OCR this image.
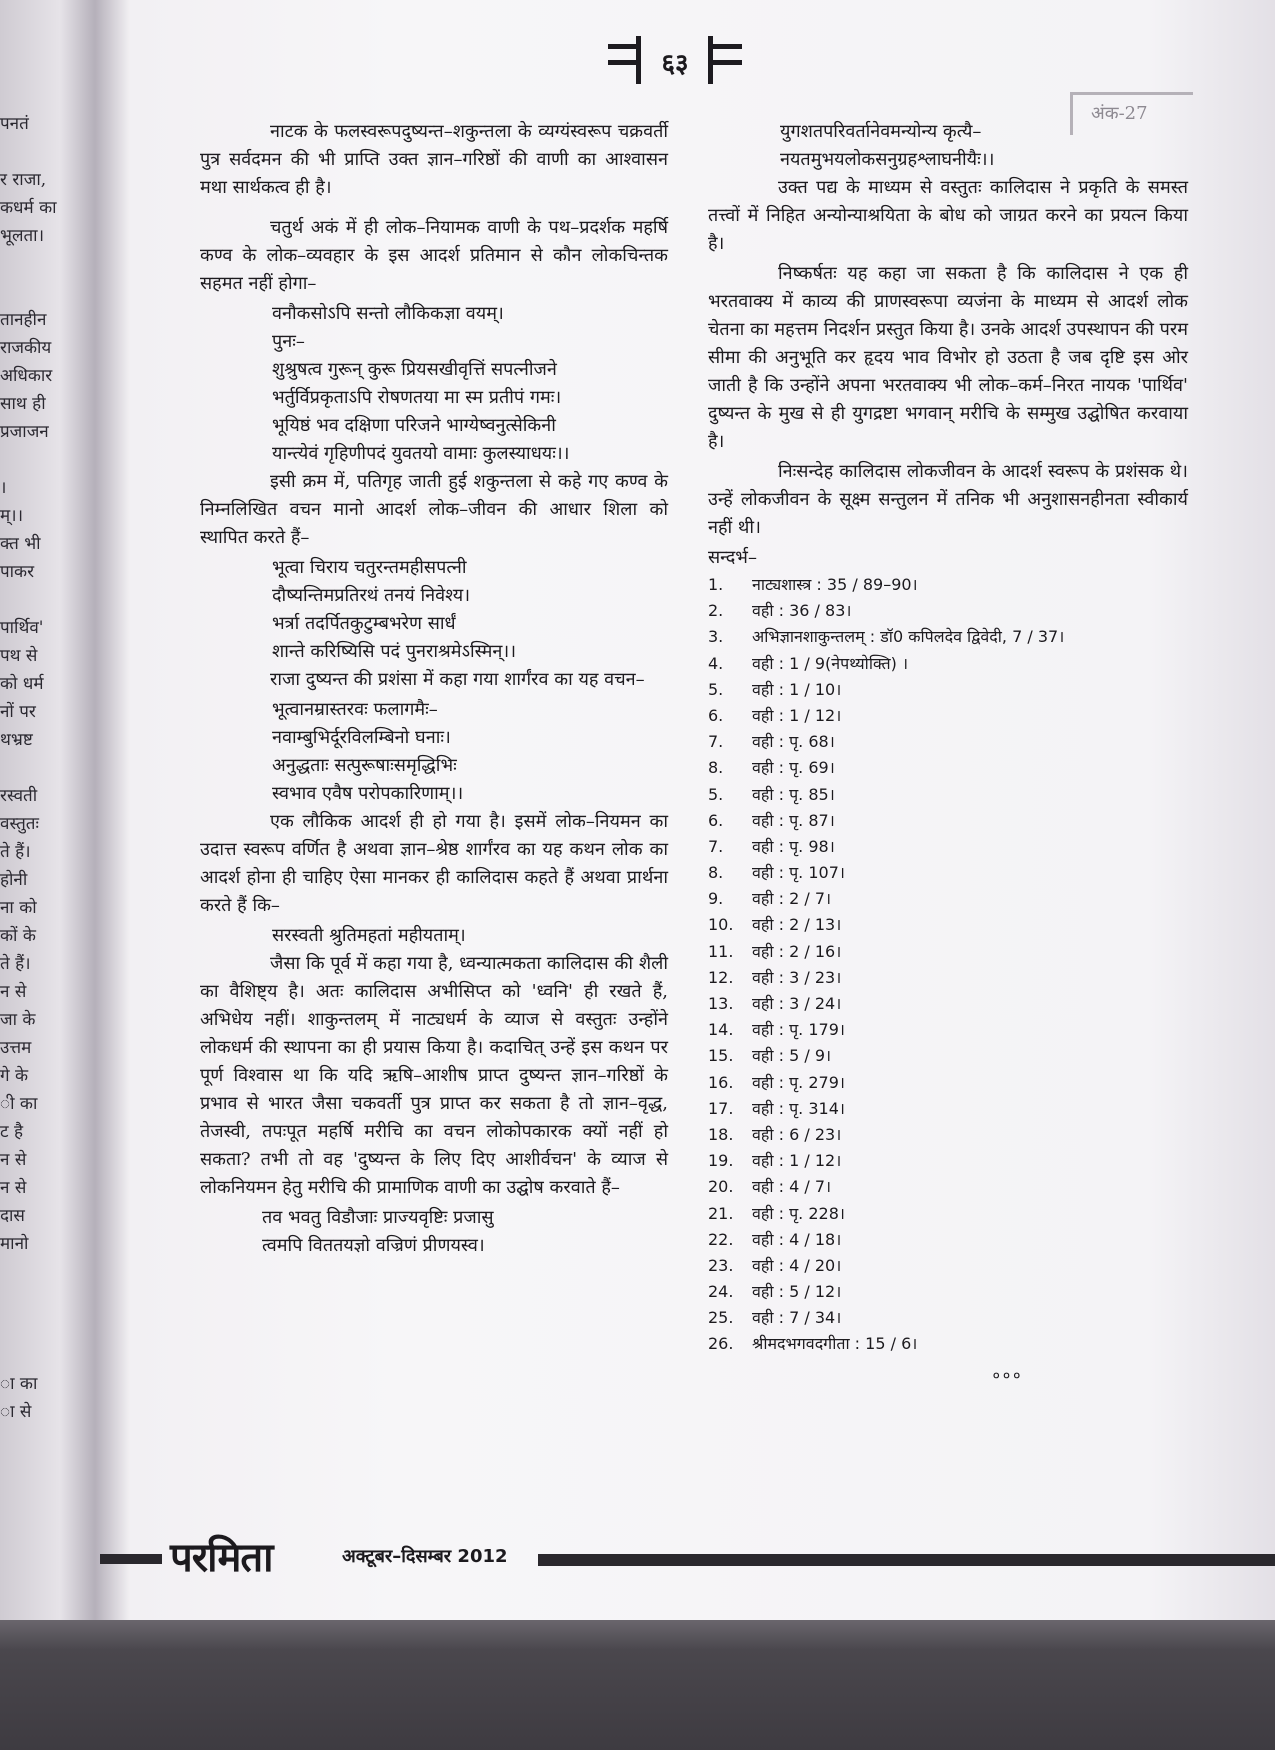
पनतं
र राजा,
कधर्म का
भूलता।
तानहीन
राजकीय
अधिकार
साथ ही
प्रजाजन
।
म्।।
क्त भी
पाकर
पार्थिव'
पथ से
को धर्म
नों पर
थभ्रष्ट
रस्वती
वस्तुतः
ते हैं।
होनी
ना को
कों के
ते हैं।
न से
जा के
उत्तम
गे के
ी का
ट है
न से
न से
दास
मानो
ा का
ा से
अंक-27
६३

नाटक के फलस्वरूपदुष्यन्त–शकुन्तला के व्यग्यंस्वरूप चक्रवर्ती पुत्र सर्वदमन की भी प्राप्ति उक्त ज्ञान–गरिष्ठों की वाणी का आश्वासन मथा सार्थकत्व ही है।

चतुर्थ अकं में ही लोक–नियामक वाणी के पथ–प्रदर्शक महर्षि कण्व के लोक–व्यवहार के इस आदर्श प्रतिमान से कौन लोकचिन्तक सहमत नहीं होगा–

वनौकसोऽपि सन्तो लौकिकज्ञा वयम्।
पुनः–
शुश्रुषत्व गुरून् कुरू प्रियसखीवृत्तिं सपत्नीजने
भर्तुर्विप्रकृताऽपि रोषणतया मा स्म प्रतीपं गमः।
भूयिष्ठं भव दक्षिणा परिजने भाग्येष्वनुत्सेकिनी
यान्त्येवं गृहिणीपदं युवतयो वामाः कुलस्याधयः।।

इसी क्रम में, पतिगृह जाती हुई शकुन्तला से कहे गए कण्व के निम्नलिखित वचन मानो आदर्श लोक–जीवन की आधार शिला को स्थापित करते हैं–

भूत्वा चिराय चतुरन्तमहीसपत्नी
दौष्यन्तिमप्रतिरथं तनयं निवेश्य।
भर्त्रा तदर्पितकुटुम्बभरेण सार्धं
शान्ते करिष्यिसि पदं पुनराश्रमेऽस्मिन्।।

राजा दुष्यन्त की प्रशंसा में कहा गया शार्गंरव का यह वचन–

भूत्वानम्रास्तरवः फलागमैः–
नवाम्बुभिर्दूरविलम्बिनो घनाः।
अनुद्धताः सत्पुरूषाःसमृद्धिभिः
स्वभाव एवैष परोपकारिणाम्।।

एक लौकिक आदर्श ही हो गया है। इसमें लोक–नियमन का उदात्त स्वरूप वर्णित है अथवा ज्ञान–श्रेष्ठ शार्गंरव का यह कथन लोक का आदर्श होना ही चाहिए ऐसा मानकर ही कालिदास कहते हैं अथवा प्रार्थना करते हैं कि–

सरस्वती श्रुतिमहतां महीयताम्।

जैसा कि पूर्व में कहा गया है, ध्वन्यात्मकता कालिदास की शैली का वैशिष्ट्य है। अतः कालिदास अभीसिप्त को 'ध्वनि' ही रखते हैं, अभिधेय नहीं। शाकुन्तलम् में नाट्यधर्म के व्याज से वस्तुतः उन्होंने लोकधर्म की स्थापना का ही प्रयास किया है। कदाचित् उन्हें इस कथन पर पूर्ण विश्वास था कि यदि ऋषि–आशीष प्राप्त दुष्यन्त ज्ञान–गरिष्ठों के प्रभाव से भारत जैसा चकवर्ती पुत्र प्राप्त कर सकता है तो ज्ञान–वृद्ध, तेजस्वी, तपःपूत महर्षि मरीचि का वचन लोकोपकारक क्यों नहीं हो सकता? तभी तो वह 'दुष्यन्त के लिए दिए आशीर्वचन' के व्याज से लोकनियमन हेतु मरीचि की प्रामाणिक वाणी का उद्घोष करवाते हैं–

तव भवतु विडौजाः प्राज्यवृष्टिः प्रजासु
त्वमपि विततयज्ञो वज्रिणं प्रीणयस्व।
युगशतपरिवर्तानेवमन्योन्य कृत्यै–
नयतमुभयलोकसनुग्रहश्लाघनीयैः।।

उक्त पद्य के माध्यम से वस्तुतः कालिदास ने प्रकृति के समस्त तत्त्वों में निहित अन्योन्याश्रयिता के बोध को जाग्रत करने का प्रयत्न किया है।

निष्कर्षतः यह कहा जा सकता है कि कालिदास ने एक ही भरतवाक्य में काव्य की प्राणस्वरूपा व्यजंना के माध्यम से आदर्श लोक चेतना का महत्तम निदर्शन प्रस्तुत किया है। उनके आदर्श उपस्थापन की परम सीमा की अनुभूति कर हृदय भाव विभोर हो उठता है जब दृष्टि इस ओर जाती है कि उन्होंने अपना भरतवाक्य भी लोक–कर्म–निरत नायक 'पार्थिव' दुष्यन्त के मुख से ही युगद्रष्टा भगवान् मरीचि के सम्मुख उद्घोषित करवाया है।

निःसन्देह कालिदास लोकजीवन के आदर्श स्वरूप के प्रशंसक थे। उन्हें लोकजीवन के सूक्ष्म सन्तुलन में तनिक भी अनुशासनहीनता स्वीकार्य नहीं थी।

सन्दर्भ–
1.	नाट्यशास्त्र : 35 / 89–90।
2.	वही : 36 / 83।
3.	अभिज्ञानशाकुन्तलम् : डॉ0 कपिलदेव द्विवेदी, 7 / 37।
4.	वही : 1 / 9(नेपथ्योक्ति) ।
5.	वही : 1 / 10।
6.	वही : 1 / 12।
7.	वही : पृ. 68।
8.	वही : पृ. 69।
5.	वही : पृ. 85।
6.	वही : पृ. 87।
7.	वही : पृ. 98।
8.	वही : पृ. 107।
9.	वही : 2 / 7।
10.	वही : 2 / 13।
11.	वही : 2 / 16।
12.	वही : 3 / 23।
13.	वही : 3 / 24।
14.	वही : पृ. 179।
15.	वही : 5 / 9।
16.	वही : पृ. 279।
17.	वही : पृ. 314।
18.	वही : 6 / 23।
19.	वही : 1 / 12।
20.	वही : 4 / 7।
21.	वही : पृ. 228।
22.	वही : 4 / 18।
23.	वही : 4 / 20।
24.	वही : 5 / 12।
25.	वही : 7 / 34।
26.	श्रीमदभगवदगीता : 15 / 6।
०००
परमिता	अक्टूबर–दिसम्बर 2012
